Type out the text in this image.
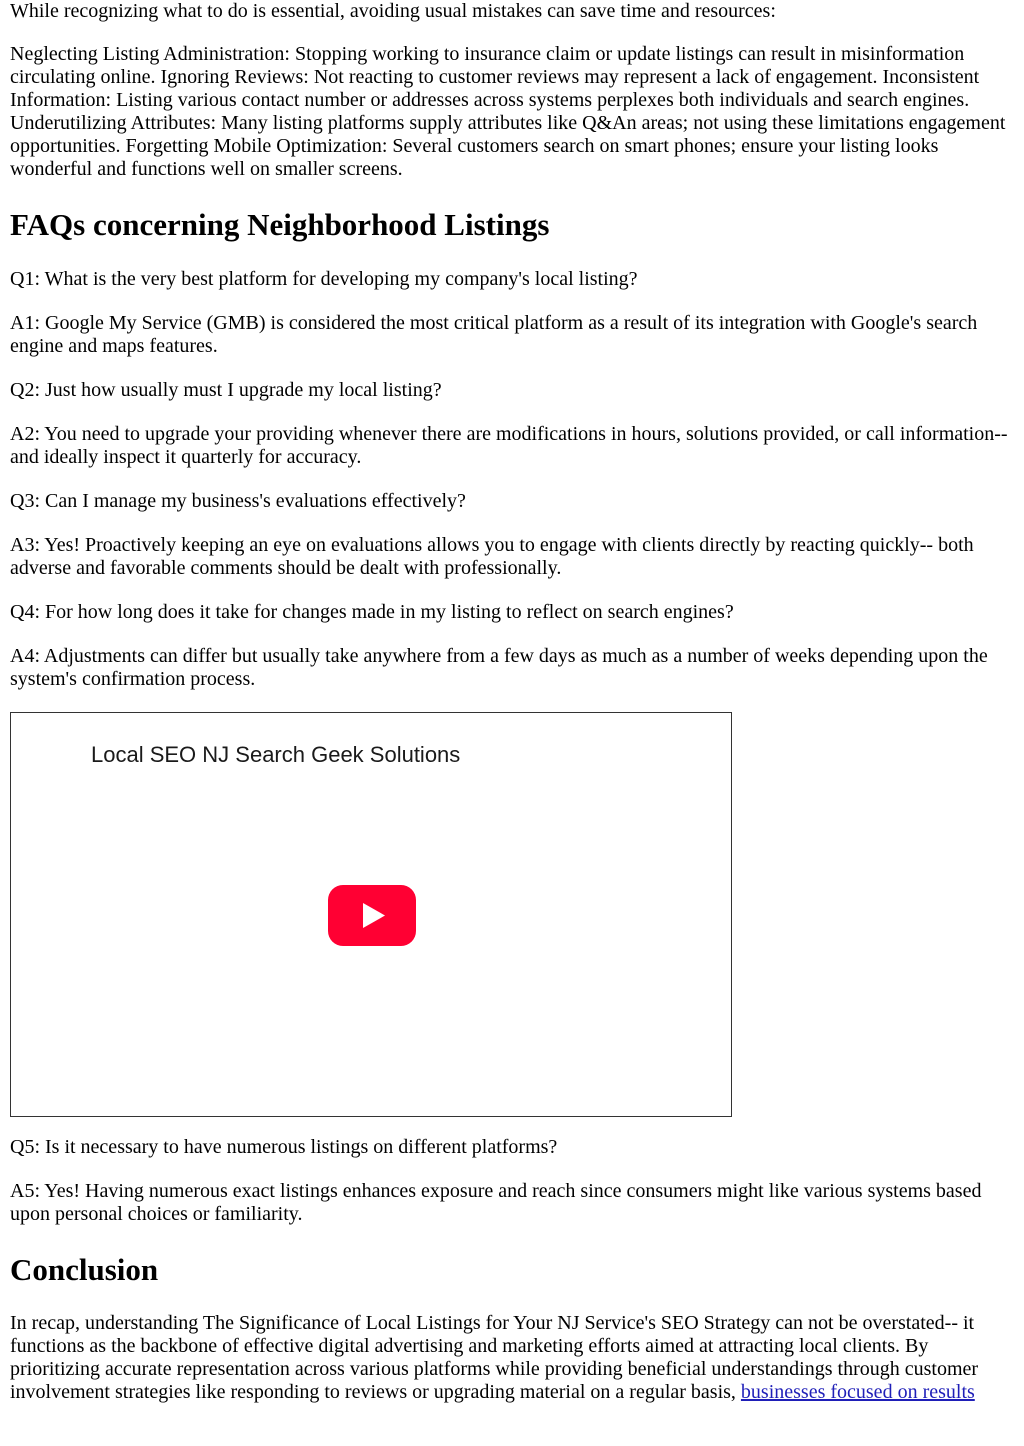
While recognizing what to do is essential, avoiding usual mistakes can save time and resources:

Neglecting Listing Administration: Stopping working to insurance claim or update listings can result in misinformation circulating online. Ignoring Reviews: Not reacting to customer reviews may represent a lack of engagement. Inconsistent Information: Listing various contact number or addresses across systems perplexes both individuals and search engines. Underutilizing Attributes: Many listing platforms supply attributes like Q&An areas; not using these limitations engagement opportunities. Forgetting Mobile Optimization: Several customers search on smart phones; ensure your listing looks wonderful and functions well on smaller screens.

FAQs concerning Neighborhood Listings

Q1: What is the very best platform for developing my company's local listing?

A1: Google My Service (GMB) is considered the most critical platform as a result of its integration with Google's search engine and maps features.

Q2: Just how usually must I upgrade my local listing?

A2: You need to upgrade your providing whenever there are modifications in hours, solutions provided, or call information-- and ideally inspect it quarterly for accuracy.

Q3: Can I manage my business's evaluations effectively?

A3: Yes! Proactively keeping an eye on evaluations allows you to engage with clients directly by reacting quickly-- both adverse and favorable comments should be dealt with professionally.

Q4: For how long does it take for changes made in my listing to reflect on search engines?

A4: Adjustments can differ but usually take anywhere from a few days as much as a number of weeks depending upon the system's confirmation process.

Local SEO NJ Search Geek Solutions

Q5: Is it necessary to have numerous listings on different platforms?

A5: Yes! Having numerous exact listings enhances exposure and reach since consumers might like various systems based upon personal choices or familiarity.

Conclusion

In recap, understanding The Significance of Local Listings for Your NJ Service's SEO Strategy can not be overstated-- it functions as the backbone of effective digital advertising and marketing efforts aimed at attracting local clients. By prioritizing accurate representation across various platforms while providing beneficial understandings through customer involvement strategies like responding to reviews or upgrading material on a regular basis, businesses focused on results
